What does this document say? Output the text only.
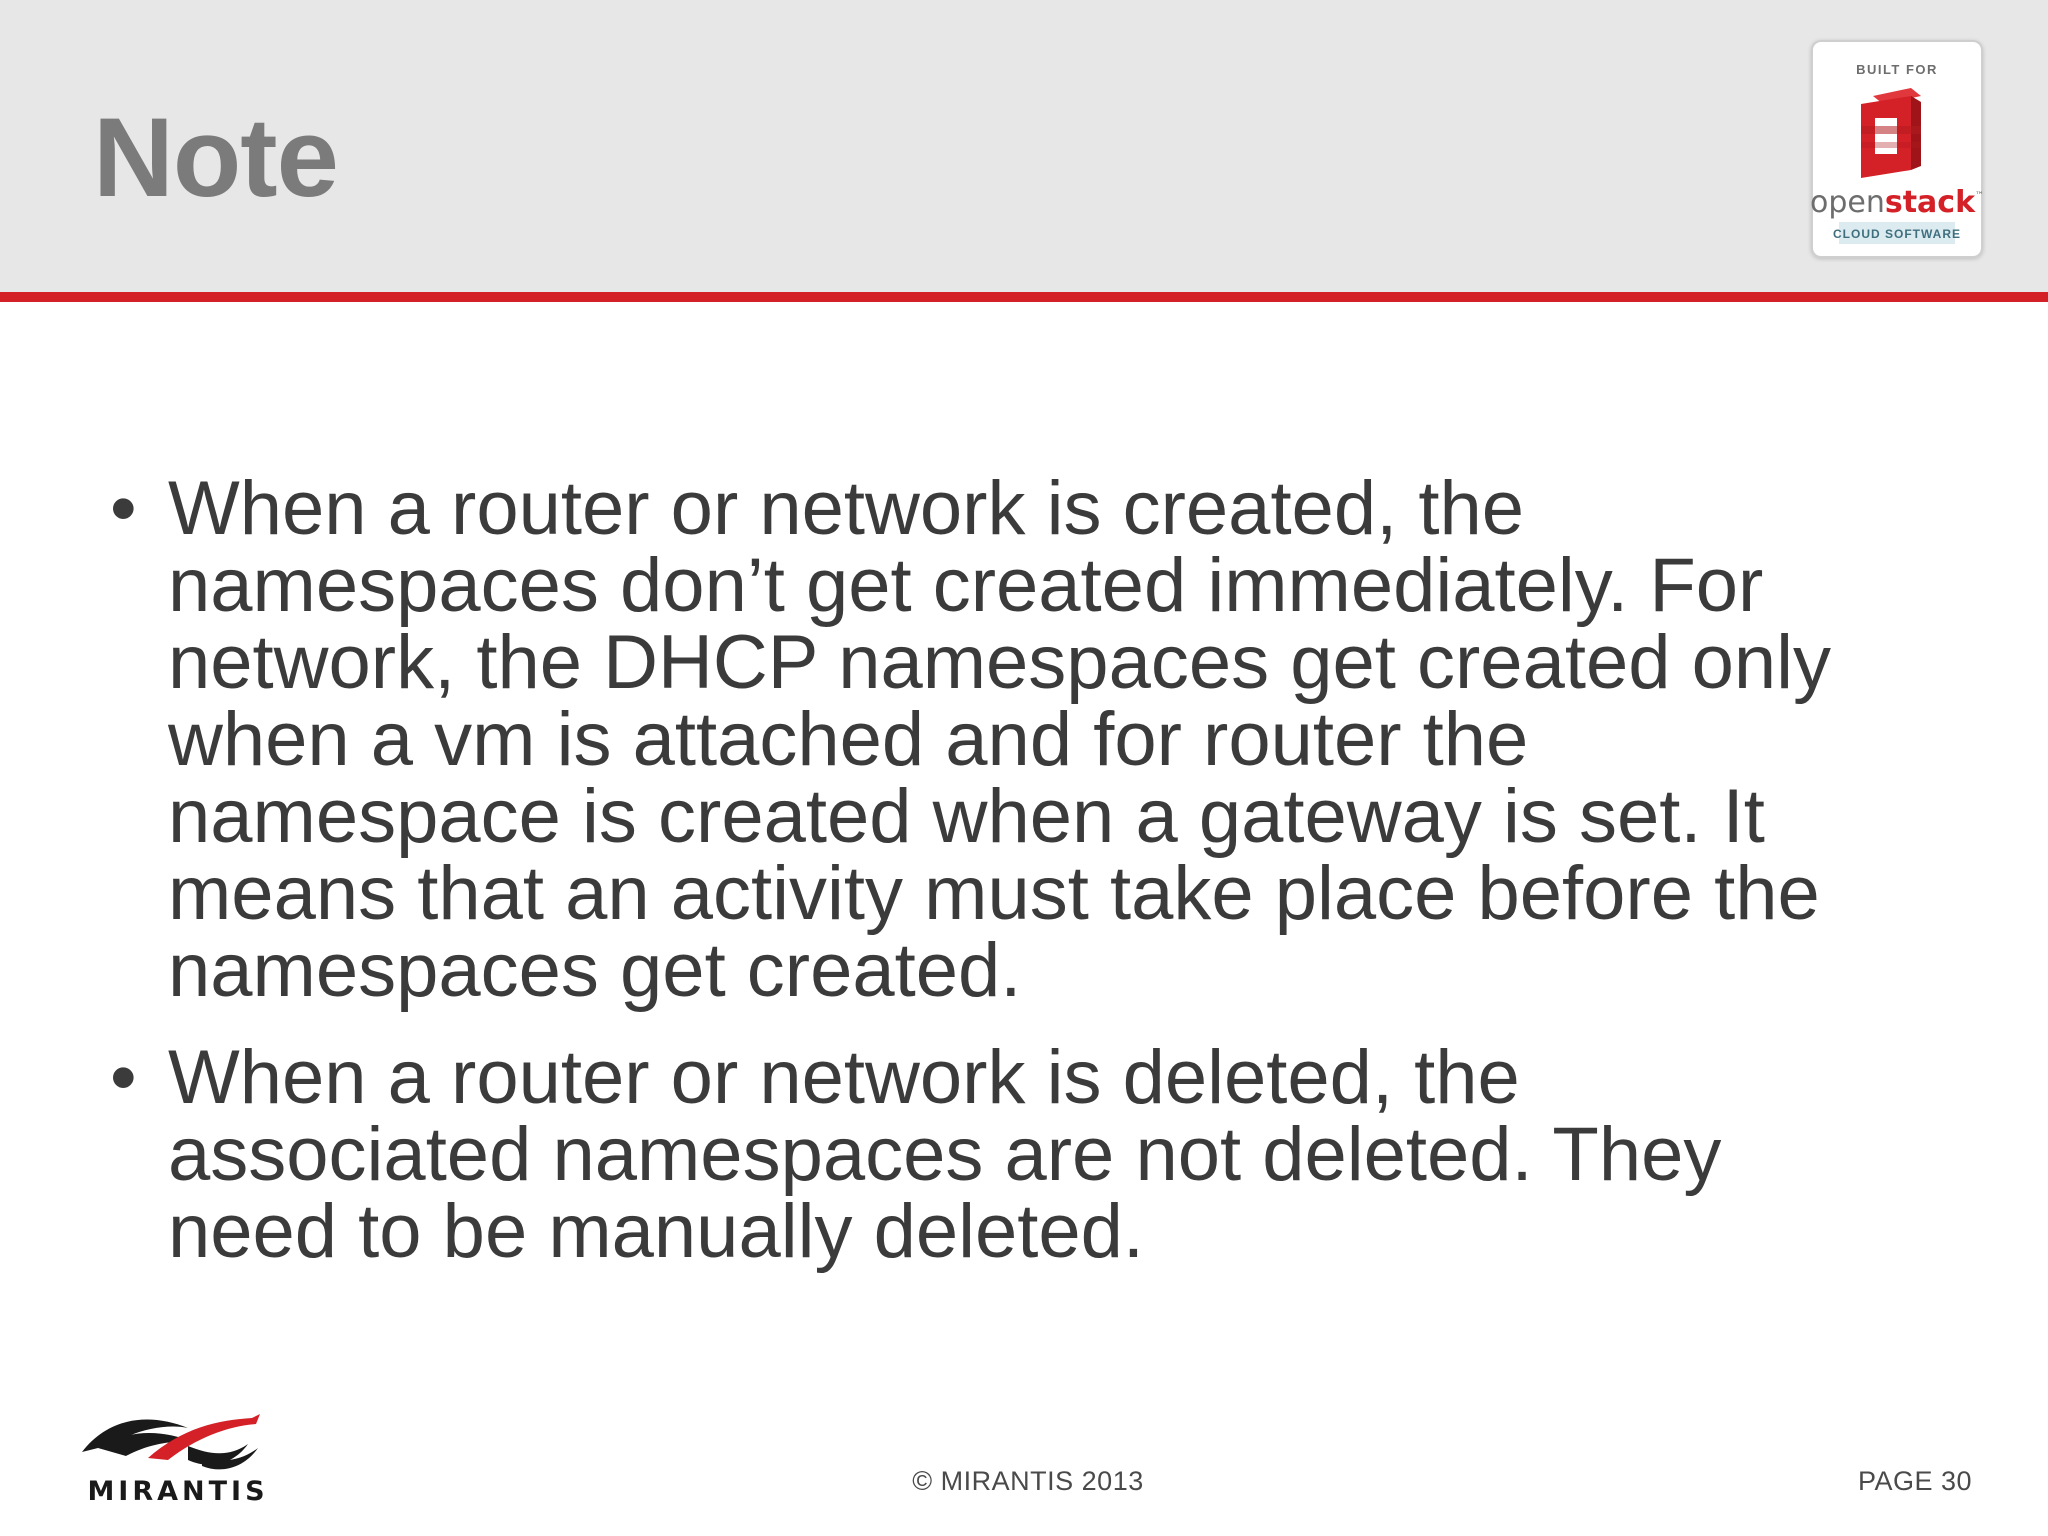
Note
BUILT FOR
openstack™
CLOUD SOFTWARE
• When a router or network is created, the
namespaces don’t get created immediately. For
network, the DHCP namespaces get created only
when a vm is attached and for router the
namespace is created when a gateway is set. It
means that an activity must take place before the
namespaces get created.
• When a router or network is deleted, the
associated namespaces are not deleted. They
need to be manually deleted.
MIRANTIS	© MIRANTIS 2013	PAGE 30
